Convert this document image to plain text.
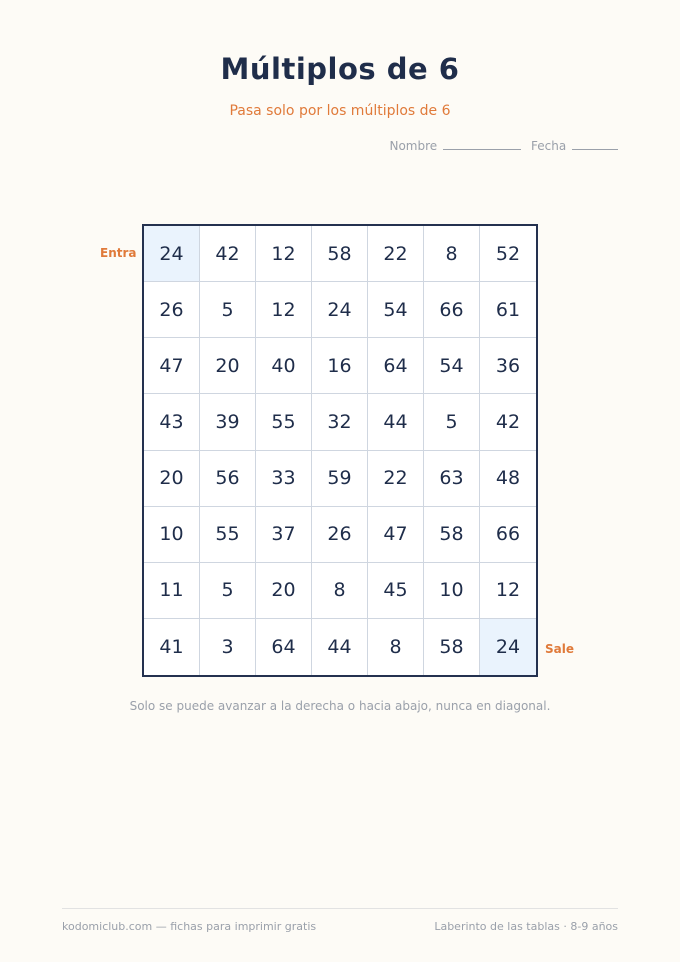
Múltiplos de 6
Pasa solo por los múltiplos de 6
Nombre	Fecha
Entra	24	42	12	58	22	8	52
26	5	12	24	54	66	61
47	20	40	16	64	54	36
43	39	55	32	44	5	42
20	56	33	59	22	63	48
10	55	37	26	47	58	66
11	5	20	8	45	10	12
41	3	64	44	8	58	24	Sale
Solo se puede avanzar a la derecha o hacia abajo, nunca en diagonal.
kodomiclub.com — fichas para imprimir gratis	Laberinto de las tablas · 8-9 años
